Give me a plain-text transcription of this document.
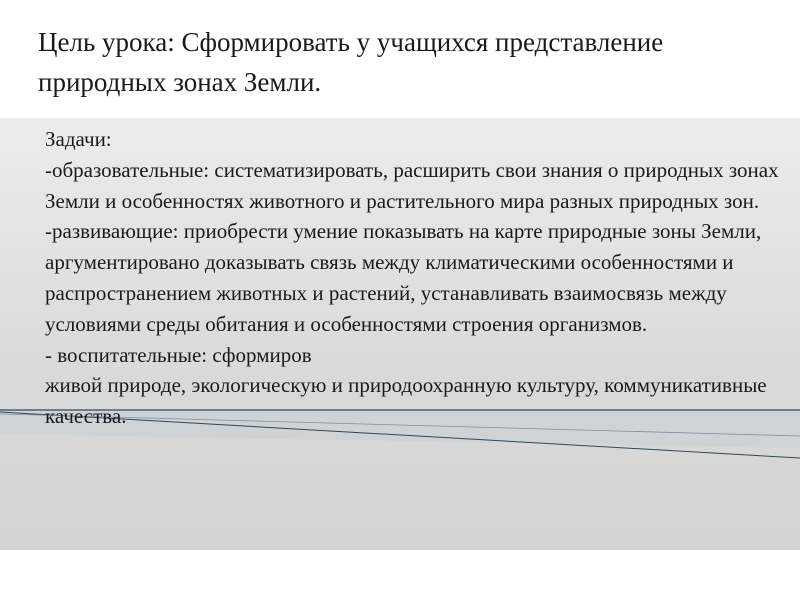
Цель урока: Сформировать у учащихся представление
природных зонах Земли.

Задачи:

-образовательные: систематизировать, расширить свои знания о природных зонах Земли и особенностях животного и растительного мира разных природных зон.

-развивающие: приобрести умение показывать на карте природные зоны Земли, аргументировано доказывать связь между климатическими особенностями и распространением животных и растений, устанавливать взаимосвязь между условиями среды обитания и особенностями строения организмов.

- воспитательные: сформиров

живой природе, экологическую и природоохранную культуру, коммуникативные качества.
